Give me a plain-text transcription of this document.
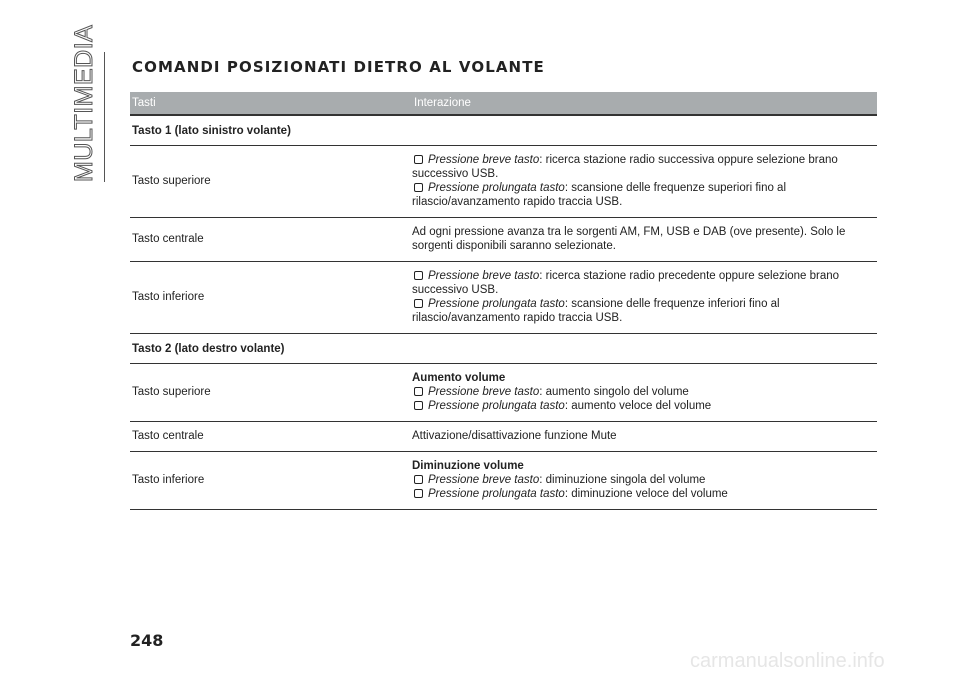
MULTIMEDIA COMANDI POSIZIONATI DIETRO AL VOLANTE
Tasti	Interazione
Tasto 1 (lato sinistro volante)
Tasto superiore

Pressione breve tasto: ricerca stazione radio successiva oppure selezione brano successivo USB.

Pressione prolungata tasto: scansione delle frequenze superiori fino al rilascio/avanzamento rapido traccia USB.

Tasto centrale
Ad ogni pressione avanza tra le sorgenti AM, FM, USB e DAB (ove presente). Solo le sorgenti disponibili saranno selezionate.
Tasto inferiore

Pressione breve tasto: ricerca stazione radio precedente oppure selezione brano successivo USB.

Pressione prolungata tasto: scansione delle frequenze inferiori fino al rilascio/avanzamento rapido traccia USB.

Tasto 2 (lato destro volante)
Tasto superiore
Aumento volume

Pressione breve tasto: aumento singolo del volume

Pressione prolungata tasto: aumento veloce del volume

Tasto centrale	Attivazione/disattivazione funzione Mute
Tasto inferiore
Diminuzione volume

Pressione breve tasto: diminuzione singola del volume

Pressione prolungata tasto: diminuzione veloce del volume

248
carmanualsonline.info
